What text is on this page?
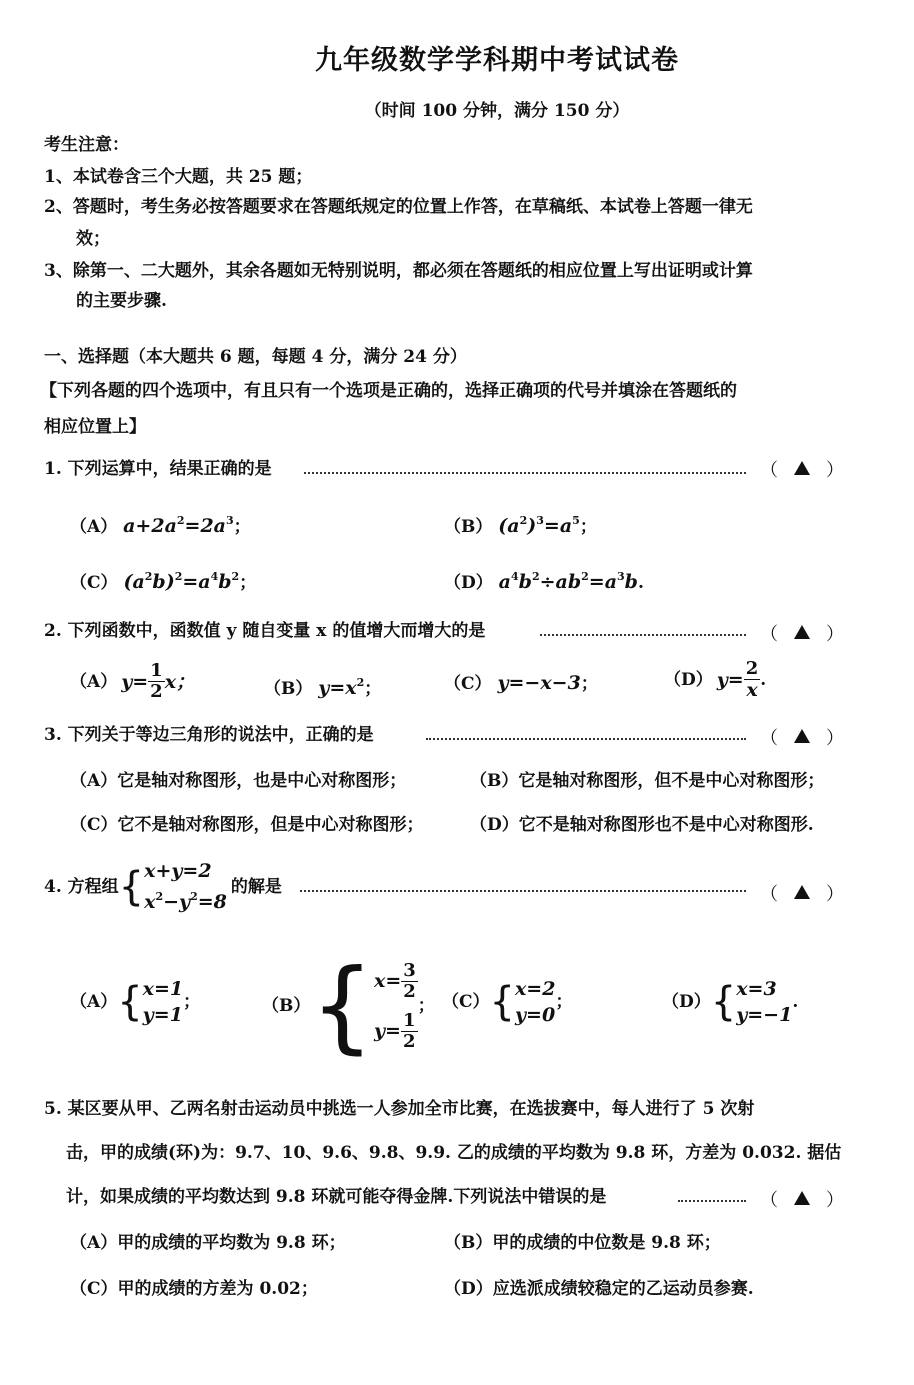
九年级数学学科期中考试试卷
（时间 100 分钟，满分 150 分）
考生注意：
1、本试卷含三个大题，共 25 题；
2、答题时，考生务必按答题要求在答题纸规定的位置上作答，在草稿纸、本试卷上答题一律无
效；
3、除第一、二大题外，其余各题如无特别说明，都必须在答题纸的相应位置上写出证明或计算
的主要步骤.
一、选择题（本大题共 6 题，每题 4 分，满分 24 分）
【下列各题的四个选项中，有且只有一个选项是正确的，选择正确项的代号并填涂在答题纸的
相应位置上】
1. 下列运算中，结果正确的是	（	）
（A） $a+2a^2=2a^3$；	（B） $(a^2)^3=a^5$；
（C） $(a^2b)^2=a^4b^2$；	（D） $a^4b^2\div ab^2=a^3b$.
2. 下列函数中，函数值 y 随自变量 x 的值增大而增大的是	（	）
（A） $y= \frac{1}{2}$ x；	（B） $y=x^2$；	（C） y=−x−3；	（D） $y= \frac{2}{x}$ .
3. 下列关于等边三角形的说法中，正确的是	（	）
（A）它是轴对称图形，也是中心对称图形；	（B）它是轴对称图形，但不是中心对称图形；
（C）它不是轴对称图形，但是中心对称图形；	（D）它不是轴对称图形也不是中心对称图形.
4. 方程组 { x+y=2
$x^2-y^2=8$
的解是	（	）
（A） { x=1
y=1
；	（B） { $x= \frac{3}{2}$
$y= \frac{1}{2}$
； （C） { x=2
y=0
；	（D） { x=3
y=−1
.
5. 某区要从甲、乙两名射击运动员中挑选一人参加全市比赛，在选拔赛中，每人进行了 5 次射
击，甲的成绩(环)为：9.7、10、9.6、9.8、9.9. 乙的成绩的平均数为 9.8 环，方差为 0.032. 据估
计，如果成绩的平均数达到 9.8 环就可能夺得金牌.下列说法中错误的是	（	）
（A）甲的成绩的平均数为 9.8 环；	（B）甲的成绩的中位数是 9.8 环；
（C）甲的成绩的方差为 0.02；	（D）应选派成绩较稳定的乙运动员参赛.
